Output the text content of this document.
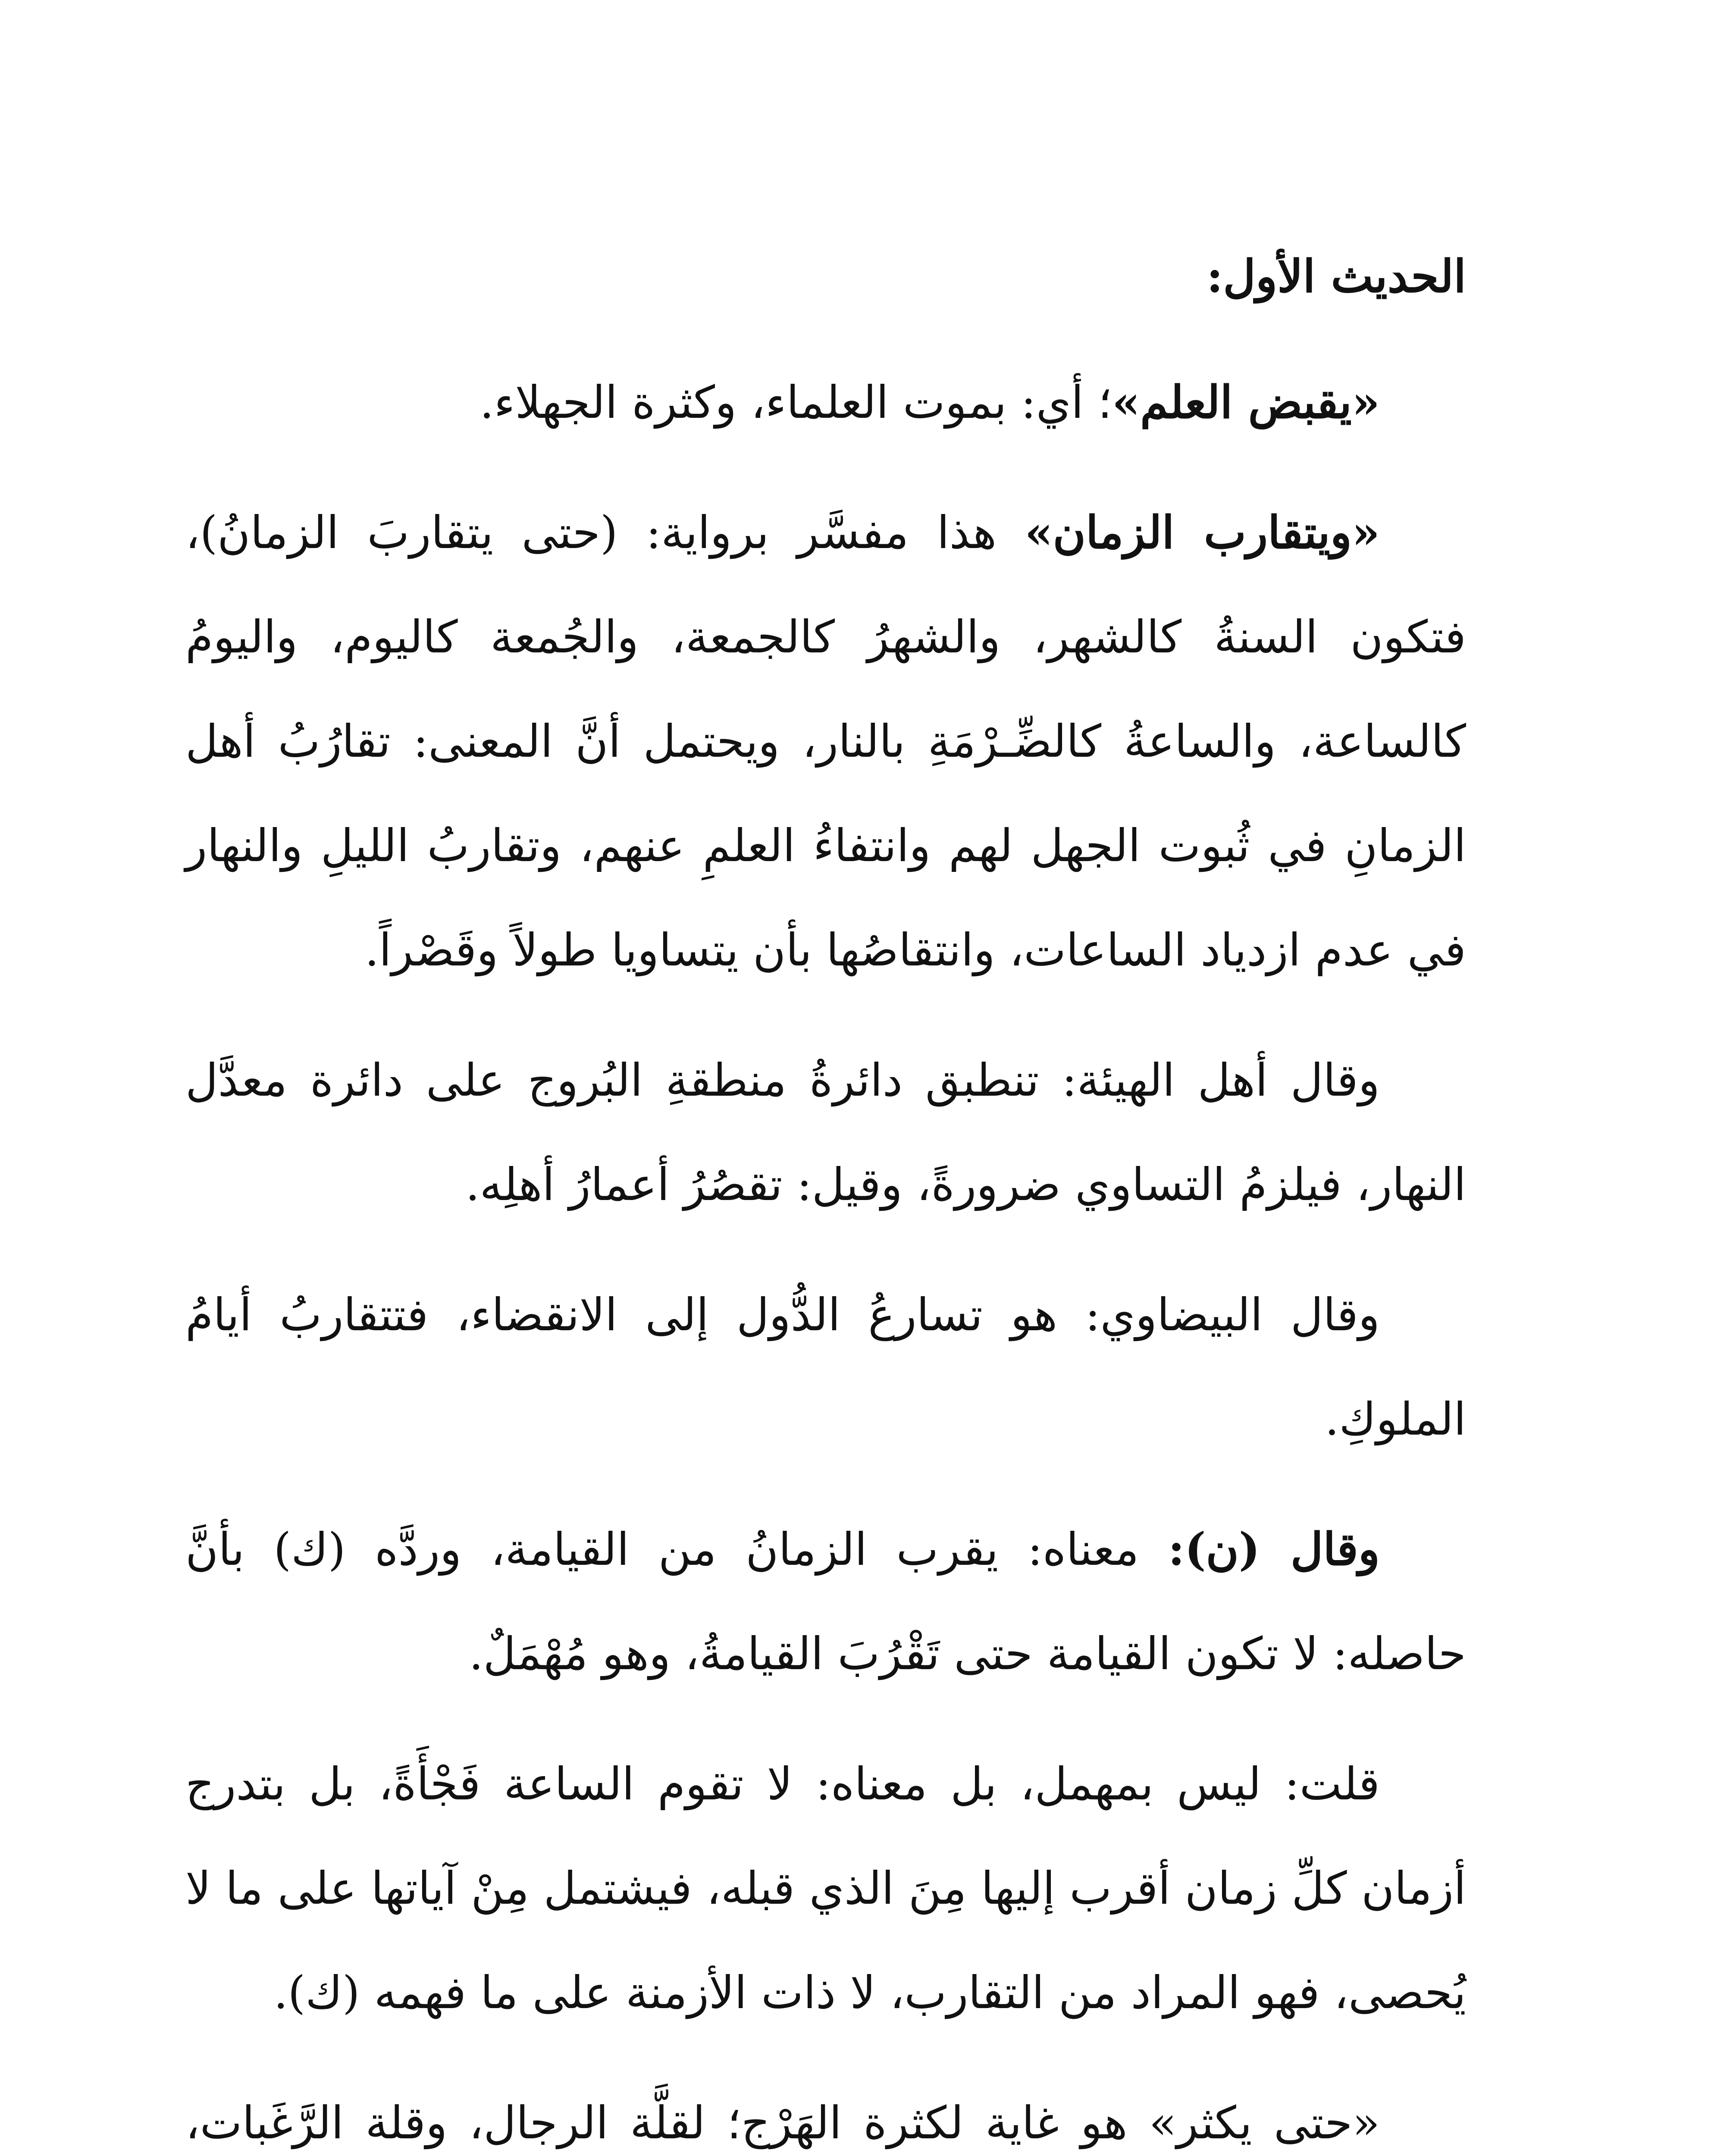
الحديث الأول:

«يقبض العلم»؛ أي: بموت العلماء، وكثرة الجهلاء.

«ويتقارب الزمان» هذا مفسَّر برواية: (حتى يتقاربَ الزمانُ)، فتكون السنةُ كالشهر، والشهرُ كالجمعة، والجُمعة كاليوم، واليومُ كالساعة، والساعةُ كالضِّـرْمَةِ بالنار، ويحتمل أنَّ المعنى: تقارُبُ أهل الزمانِ في ثُبوت الجهل لهم وانتفاءُ العلمِ عنهم، وتقاربُ الليلِ والنهار في عدم ازدياد الساعات، وانتقاصُها بأن يتساويا طولاً وقَصْراً.

وقال أهل الهيئة: تنطبق دائرةُ منطقةِ البُروج على دائرة معدَّل النهار، فيلزمُ التساوي ضرورةً، وقيل: تقصُرُ أعمارُ أهلِه.

وقال البيضاوي: هو تسارعُ الدُّول إلى الانقضاء، فتتقاربُ أيامُ الملوكِ.

وقال (ن): معناه: يقرب الزمانُ من القيامة، وردَّه (ك) بأنَّ حاصله: لا تكون القيامة حتى تَقْرُبَ القيامةُ، وهو مُهْمَلٌ.

قلت: ليس بمهمل، بل معناه: لا تقوم الساعة فَجْأَةً، بل بتدرج أزمان كلِّ زمان أقرب إليها مِنَ الذي قبله، فيشتمل مِنْ آياتها على ما لا يُحصى، فهو المراد من التقارب، لا ذات الأزمنة على ما فهمه (ك).

«حتى يكثر» هو غاية لكثرة الهَرْج؛ لقلَّة الرجال، وقلة الرَّغَبات،
